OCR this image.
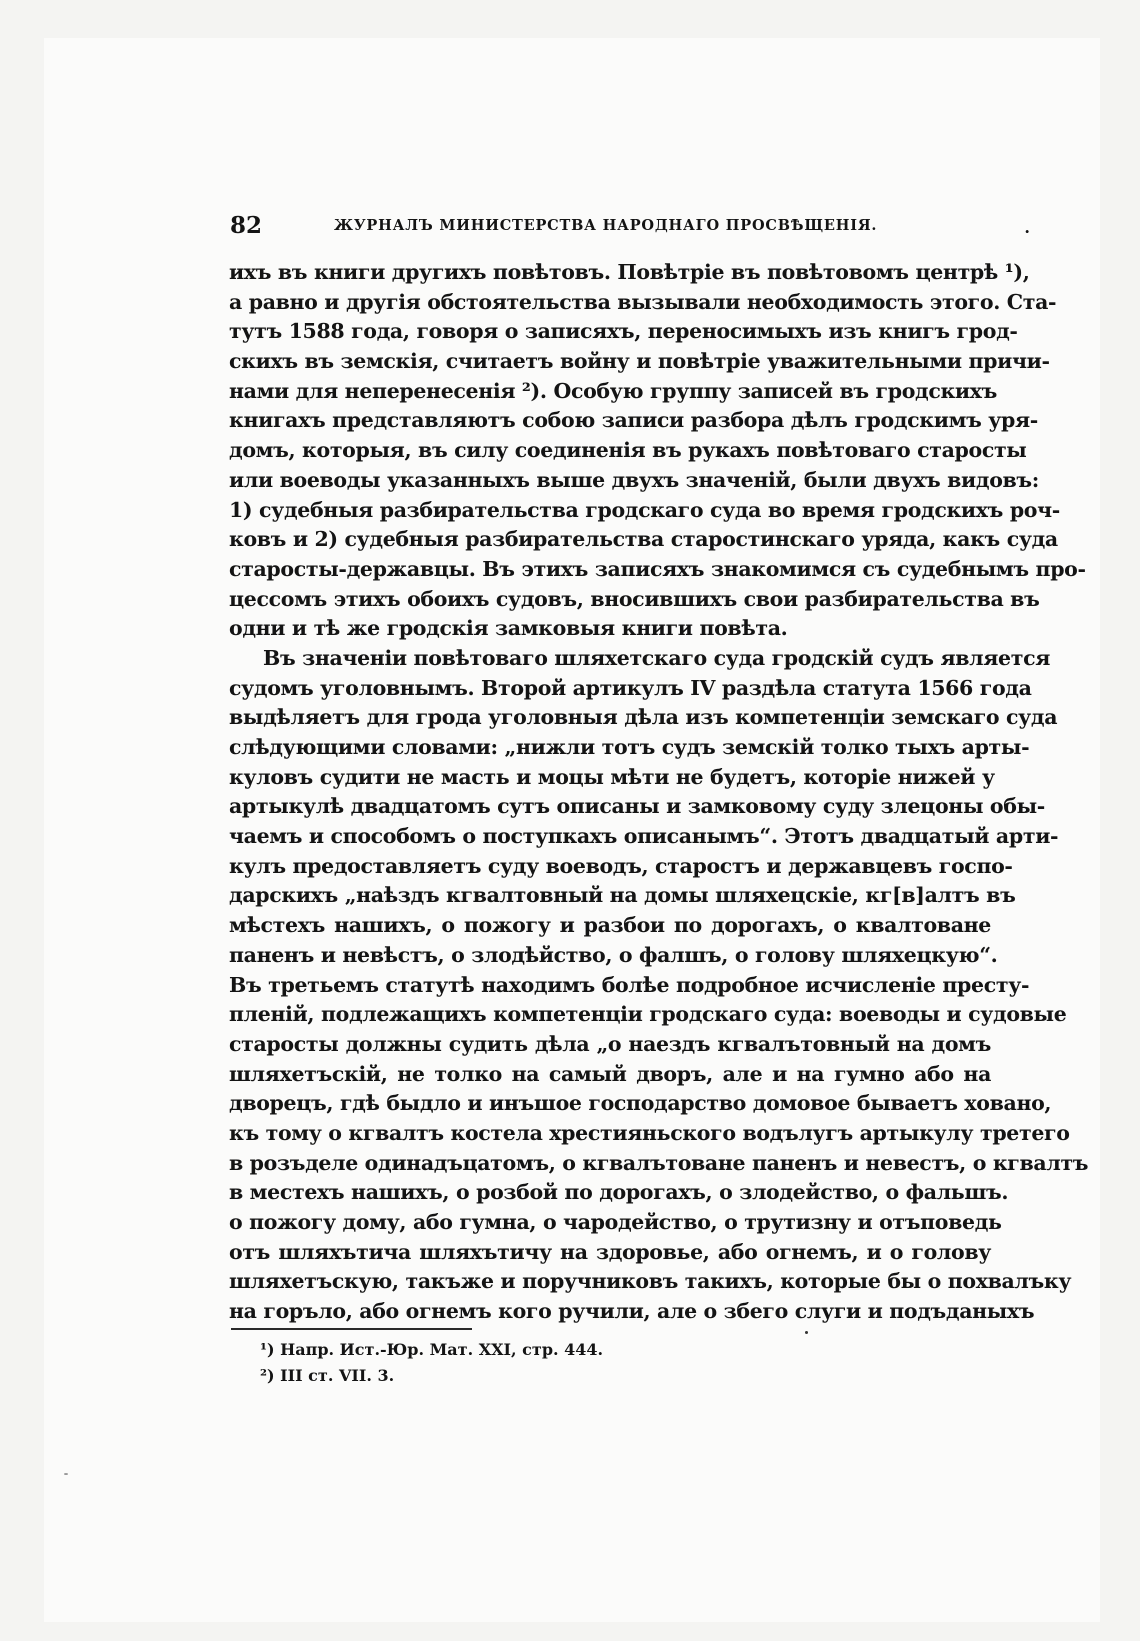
82	ЖУРНАЛЪ МИНИСТЕРСТВА НАРОДНАГО ПРОСВѢЩЕНІЯ.	.
ихъ въ книги другихъ повѣтовъ. Повѣтріе въ повѣтовомъ центрѣ ¹),
а равно и другія обстоятельства вызывали необходимость этого. Ста-
тутъ 1588 года, говоря о записяхъ, переносимыхъ изъ книгъ грод-
скихъ въ земскія, считаетъ войну и повѣтріе уважительными причи-
нами для неперенесенія ²). Особую группу записей въ гродскихъ
книгахъ представляютъ собою записи разбора дѣлъ гродскимъ уря-
домъ, которыя, въ силу соединенія въ рукахъ повѣтоваго старосты
или воеводы указанныхъ выше двухъ значеній, были двухъ видовъ:
1) судебныя разбирательства гродскаго суда во время гродскихъ роч-
ковъ и 2) судебныя разбирательства старостинскаго уряда, какъ суда
старосты-державцы. Въ этихъ записяхъ знакомимся съ судебнымъ про-
цессомъ этихъ обоихъ судовъ, вносившихъ свои разбирательства въ
одни и тѣ же гродскія замковыя книги повѣта.
Въ значеніи повѣтоваго шляхетскаго суда гродскій судъ является
судомъ уголовнымъ. Второй артикулъ IV раздѣла статута 1566 года
выдѣляетъ для грода уголовныя дѣла изъ компетенціи земскаго суда
слѣдующими словами: „нижли тотъ судъ земскій толко тыхъ арты-
куловъ судити не масть и моцы мѣти не будетъ, которіе нижей у
артыкулѣ двадцатомъ сутъ описаны и замковому суду злецоны обы-
чаемъ и способомъ о поступкахъ описанымъ“. Этотъ двадцатый арти-
кулъ предоставляетъ суду воеводъ, старостъ и державцевъ госпо-
дарскихъ „наѣздъ кгвалтовный на домы шляхецскіе, кг[в]алтъ въ
мѣстехъ нашихъ, о пожогу и разбои по дорогахъ, о квалтоване
паненъ и невѣстъ, о злодѣйство, о фалшъ, о голову шляхецкую“.
Въ третьемъ статутѣ находимъ болѣе подробное исчисленіе престу-
пленій, подлежащихъ компетенціи гродскаго суда: воеводы и судовые
старосты должны судить дѣла „о наездъ кгвалътовный на домъ
шляхетъскій, не толко на самый дворъ, але и на гумно або на
дворецъ, гдѣ быдло и инъшое господарство домовое бываетъ ховано,
къ тому о кгвалтъ костела хрестияньского водълугъ артыкулу третего
в розъделе одинадъцатомъ, о кгвалътоване паненъ и невестъ, о кгвалтъ
в местехъ нашихъ, о розбой по дорогахъ, о злодейство, о фальшъ.
о пожогу дому, або гумна, о чародейство, о трутизну и отъповедь
отъ шляхътича шляхътичу на здоровье, або огнемъ, и о голову
шляхетъскую, такъже и поручниковъ такихъ, которые бы о похвалъку
на горъло, або огнемъ кого ручили, але о збего слуги и подъданыхъ
¹) Напр. Ист.-Юр. Мат. XXI, стр. 444.
²) III ст. VII. 3.
